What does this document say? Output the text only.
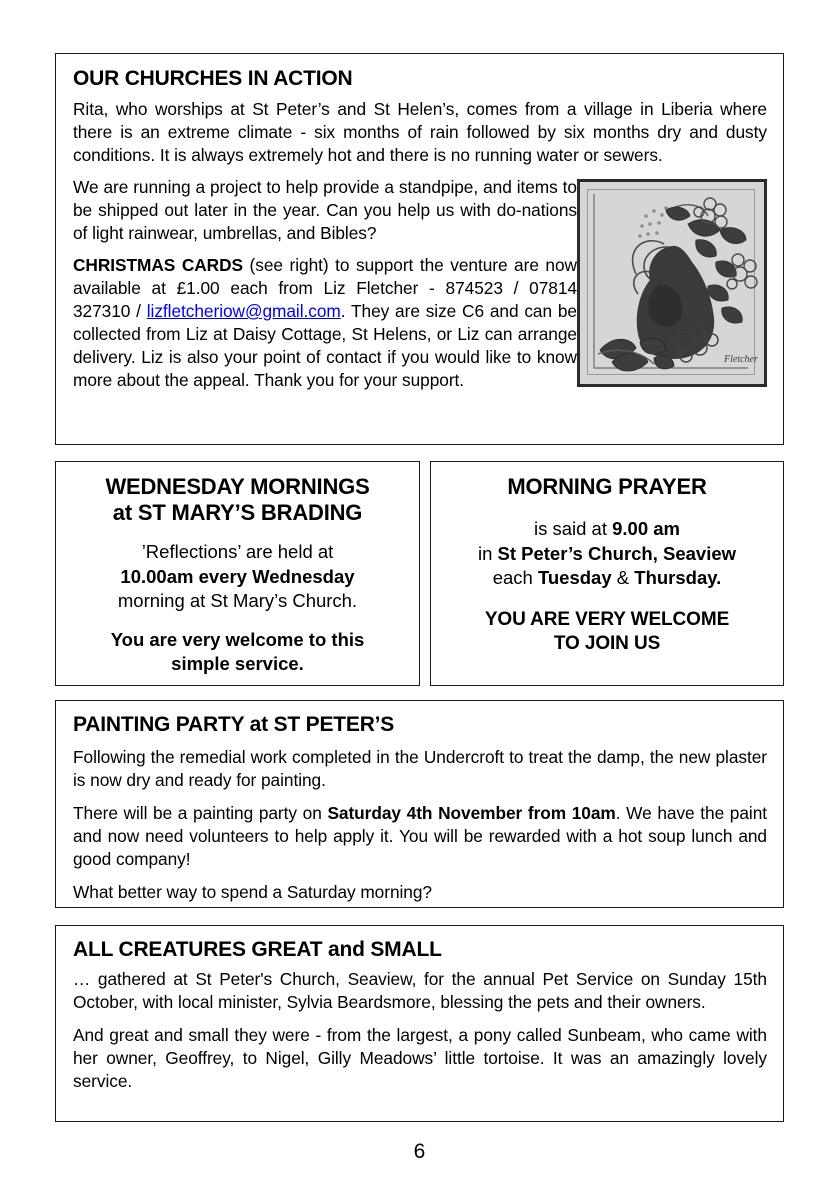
OUR CHURCHES IN ACTION

Rita, who worships at St Peter’s and St Helen’s, comes from a village in Liberia where there is an extreme climate - six months of rain followed by six months dry and dusty conditions. It is always extremely hot and there is no running water or sewers.

Fletcher

We are running a project to help provide a standpipe, and items to be shipped out later in the year. Can you help us with do-nations of light rainwear, umbrellas, and Bibles?

CHRISTMAS CARDS (see right) to support the venture are now available at £1.00 each from Liz Fletcher - 874523 / 07814 327310 / lizfletcheriow@gmail.com. They are size C6 and can be collected from Liz at Daisy Cottage, St Helens, or Liz can arrange delivery. Liz is also your point of contact if you would like to know more about the appeal. Thank you for your support.

WEDNESDAY MORNINGS
at ST MARY’S BRADING
’Reflections’ are held at
10.00am every Wednesday
morning at St Mary’s Church.
You are very welcome to this
simple service.
MORNING PRAYER
is said at 9.00 am
in St Peter’s Church, Seaview
each Tuesday & Thursday.
YOU ARE VERY WELCOME
TO JOIN US
PAINTING PARTY at ST PETER’S

Following the remedial work completed in the Undercroft to treat the damp, the new plaster is now dry and ready for painting.

There will be a painting party on Saturday 4th November from 10am. We have the paint and now need volunteers to help apply it. You will be rewarded with a hot soup lunch and good company!

What better way to spend a Saturday morning?

ALL CREATURES GREAT and SMALL

… gathered at St Peter's Church, Seaview, for the annual Pet Service on Sunday 15th October, with local minister, Sylvia Beardsmore, blessing the pets and their owners.

And great and small they were - from the largest, a pony called Sunbeam, who came with her owner, Geoffrey, to Nigel, Gilly Meadows’ little tortoise. It was an amazingly lovely service.

6
